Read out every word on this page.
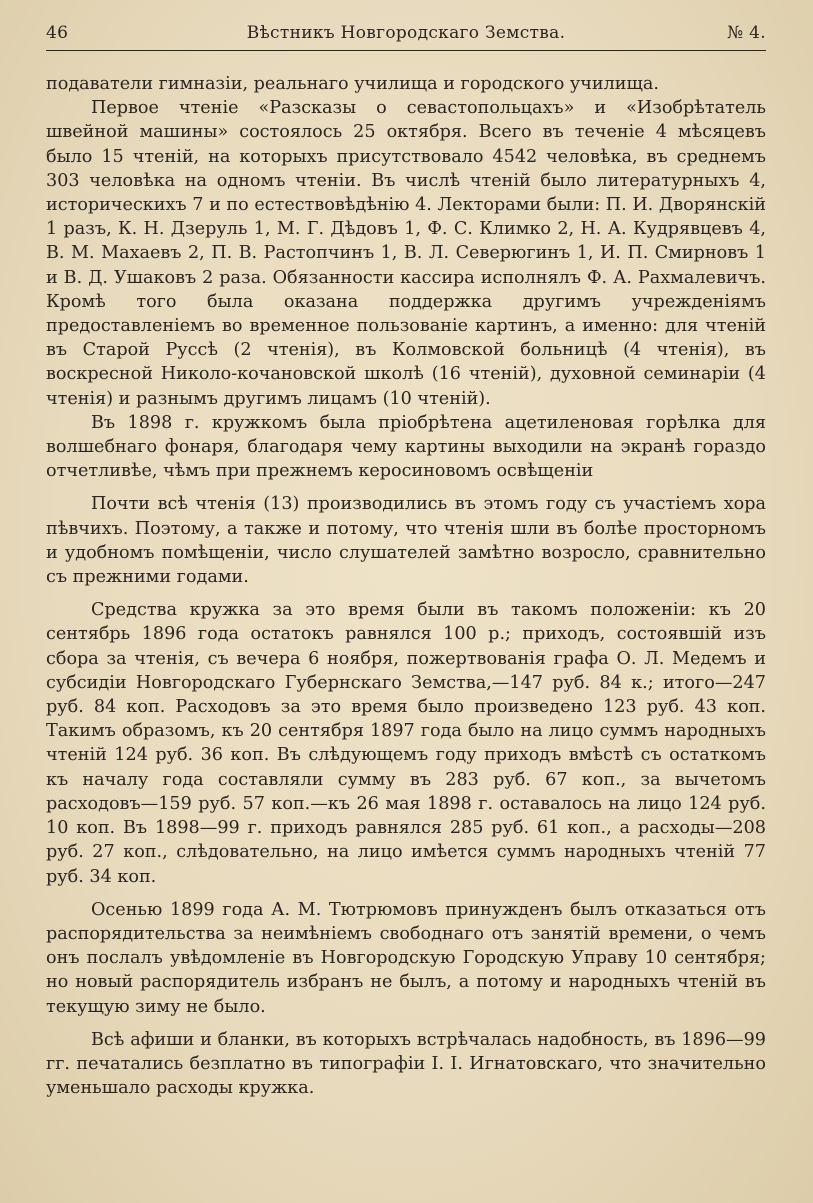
46	Вѣстникъ Новгородскаго Земства.	№ 4.

подаватели гимназіи, реальнаго училища и городского училища.

Первое чтеніе «Разсказы о севастопольцахъ» и «Изобрѣтатель швейной машины» состоялось 25 октября. Всего въ теченіе 4 мѣсяцевъ было 15 чтеній, на которыхъ присутствовало 4542 человѣка, въ среднемъ 303 человѣка на одномъ чтеніи. Въ числѣ чтеній было литературныхъ 4, историческихъ 7 и по естествовѣдѣнію 4. Лекторами были: П. И. Дворянскій 1 разъ, К. Н. Дзеруль 1, М. Г. Дѣдовъ 1, Ф. С. Климко 2, Н. А. Кудрявцевъ 4, В. М. Махаевъ 2, П. В. Растопчинъ 1, В. Л. Северюгинъ 1, И. П. Смирновъ 1 и В. Д. Ушаковъ 2 раза. Обязанности кассира исполнялъ Ф. А. Рахмалевичъ. Кромѣ того была оказана поддержка другимъ учрежденіямъ предоставленіемъ во временное пользованіе картинъ, а именно: для чтеній въ Старой Руссѣ (2 чтенія), въ Колмовской больницѣ (4 чтенія), въ воскресной Николо-кочановской школѣ (16 чтеній), духовной семинаріи (4 чтенія) и разнымъ другимъ лицамъ (10 чтеній).

Въ 1898 г. кружкомъ была пріобрѣтена ацетиленовая горѣлка для волшебнаго фонаря, благодаря чему картины выходили на экранѣ гораздо отчетливѣе, чѣмъ при прежнемъ керосиновомъ освѣщеніи

Почти всѣ чтенія (13) производились въ этомъ году съ участіемъ хора пѣвчихъ. Поэтому, а также и потому, что чтенія шли въ болѣе просторномъ и удобномъ помѣщеніи, число слушателей замѣтно возросло, сравнительно съ прежними годами.

Средства кружка за это время были въ такомъ положеніи: къ 20 сентябрь 1896 года остатокъ равнялся 100 р.; приходъ, состоявшій изъ сбора за чтенія, съ вечера 6 ноября, пожертвованія графа О. Л. Медемъ и субсидіи Новгородскаго Губернскаго Земства,—147 руб. 84 к.; итого—247 руб. 84 коп. Расходовъ за это время было произведено 123 руб. 43 коп. Такимъ образомъ, къ 20 сентября 1897 года было на лицо суммъ народныхъ чтеній 124 руб. 36 коп. Въ слѣдующемъ году приходъ вмѣстѣ съ остаткомъ къ началу года составляли сумму въ 283 руб. 67 коп., за вычетомъ расходовъ—159 руб. 57 коп.—къ 26 мая 1898 г. оставалось на лицо 124 руб. 10 коп. Въ 1898—99 г. приходъ равнялся 285 руб. 61 коп., а расходы—208 руб. 27 коп., слѣдовательно, на лицо имѣется суммъ народныхъ чтеній 77 руб. 34 коп.

Осенью 1899 года А. М. Тютрюмовъ принужденъ былъ отказаться отъ распорядительства за неимѣніемъ свободнаго отъ занятій времени, о чемъ онъ послалъ увѣдомленіе въ Новгородскую Городскую Управу 10 сентября; но новый распорядитель избранъ не былъ, а потому и народныхъ чтеній въ текущую зиму не было.

Всѣ афиши и бланки, въ которыхъ встрѣчалась надобность, въ 1896—99 гг. печатались безплатно въ типографіи І. І. Игнатовскаго, что значительно уменьшало расходы кружка.
